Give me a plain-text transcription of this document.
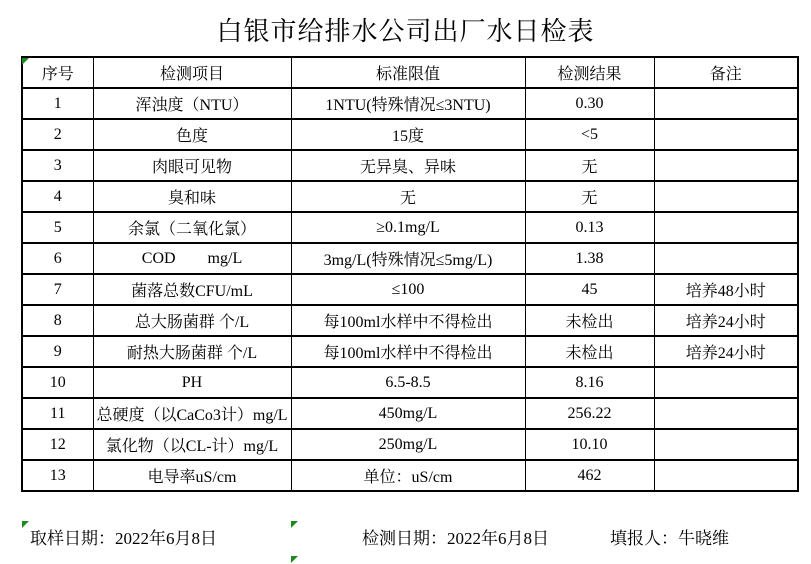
白银市给排水公司出厂水日检表
序号	检测项目	标准限值	检测结果	备注
1	浑浊度（NTU）	1NTU(特殊情况≤3NTU)	0.30	
2	色度	15度	<5	
3	肉眼可见物	无异臭、异味	无	
4	臭和味	无	无	
5	余氯（二氧化氯）	≥0.1mg/L	0.13	
6	COD        mg/L	3mg/L(特殊情况≤5mg/L)	1.38	
7	菌落总数CFU/mL	≤100	45	培养48小时
8	总大肠菌群 个/L	每100ml水样中不得检出	未检出	培养24小时
9	耐热大肠菌群 个/L	每100ml水样中不得检出	未检出	培养24小时
10	PH	6.5-8.5	8.16	
11	总硬度（以CaCo3计）mg/L	450mg/L	256.22	
12	氯化物（以CL-计）mg/L	250mg/L	10.10	
13	电导率uS/cm	单位：uS/cm	462	
取样日期：2022年6月8日	检测日期：2022年6月8日	填报人：牛晓维
